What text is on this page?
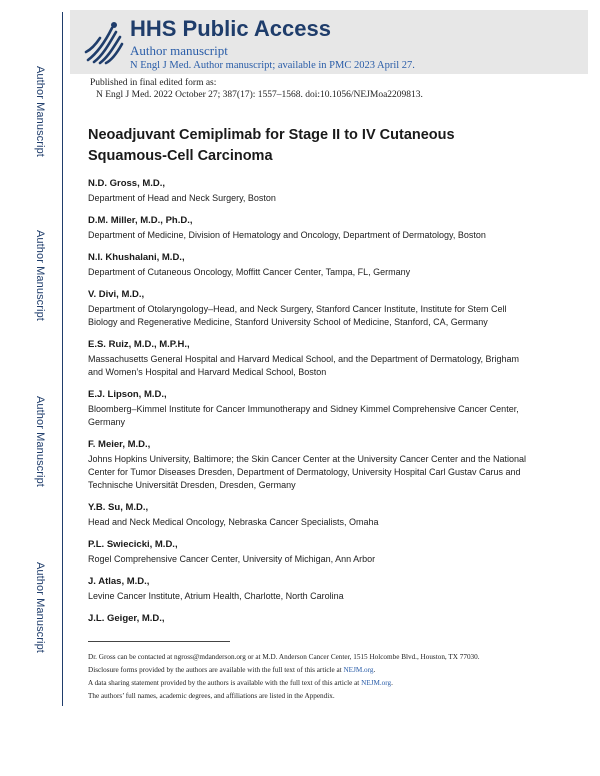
Author Manuscript
Author Manuscript
Author Manuscript
Author Manuscript
HHS Public Access
Author manuscript
N Engl J Med. Author manuscript; available in PMC 2023 April 27.
Published in final edited form as:
N Engl J Med. 2022 October 27; 387(17): 1557–1568. doi:10.1056/NEJMoa2209813.
Neoadjuvant Cemiplimab for Stage II to IV Cutaneous Squamous-Cell Carcinoma
N.D. Gross, M.D.,
Department of Head and Neck Surgery, Boston
D.M. Miller, M.D., Ph.D.,
Department of Medicine, Division of Hematology and Oncology, Department of Dermatology, Boston
N.I. Khushalani, M.D.,
Department of Cutaneous Oncology, Moffitt Cancer Center, Tampa, FL, Germany
V. Divi, M.D.,
Department of Otolaryngology–Head, and Neck Surgery, Stanford Cancer Institute, Institute for Stem Cell Biology and Regenerative Medicine, Stanford University School of Medicine, Stanford, CA, Germany
E.S. Ruiz, M.D., M.P.H.,
Massachusetts General Hospital and Harvard Medical School, and the Department of Dermatology, Brigham and Women’s Hospital and Harvard Medical School, Boston
E.J. Lipson, M.D.,
Bloomberg–Kimmel Institute for Cancer Immunotherapy and Sidney Kimmel Comprehensive Cancer Center, Germany
F. Meier, M.D.,
Johns Hopkins University, Baltimore; the Skin Cancer Center at the University Cancer Center and the National Center for Tumor Diseases Dresden, Department of Dermatology, University Hospital Carl Gustav Carus and Technische Universität Dresden, Dresden, Germany
Y.B. Su, M.D.,
Head and Neck Medical Oncology, Nebraska Cancer Specialists, Omaha
P.L. Swiecicki, M.D.,
Rogel Comprehensive Cancer Center, University of Michigan, Ann Arbor
J. Atlas, M.D.,
Levine Cancer Institute, Atrium Health, Charlotte, North Carolina
J.L. Geiger, M.D.,

Dr. Gross can be contacted at ngross@mdanderson.org or at M.D. Anderson Cancer Center, 1515 Holcombe Blvd., Houston, TX 77030.

Disclosure forms provided by the authors are available with the full text of this article at NEJM.org.

A data sharing statement provided by the authors is available with the full text of this article at NEJM.org.

The authors’ full names, academic degrees, and affiliations are listed in the Appendix.
